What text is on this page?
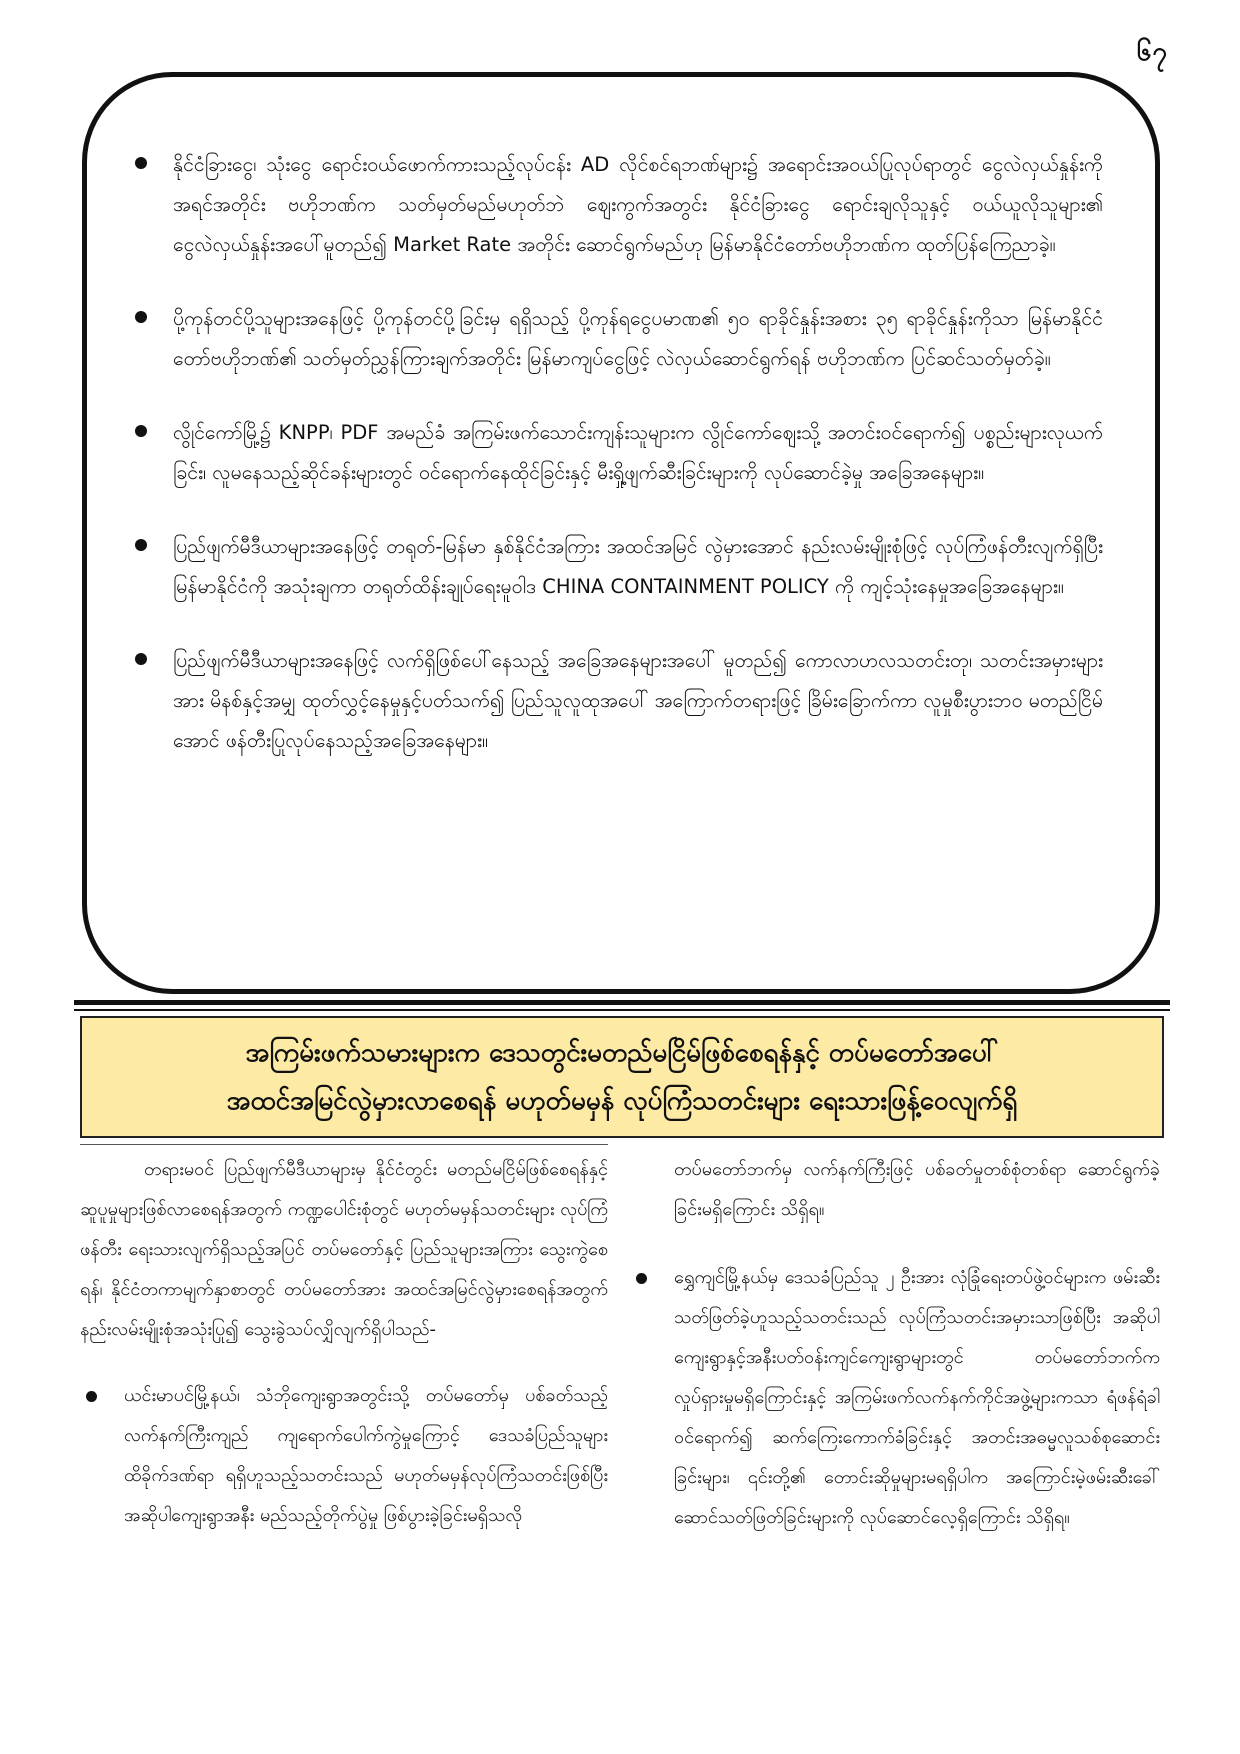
၆၇
နိုင်ငံခြားငွေ၊ သုံးငွေ ရောင်းဝယ်ဖောက်ကားသည့်လုပ်ငန်း AD လိုင်စင်ရဘဏ်များ၌ အရောင်းအဝယ်ပြုလုပ်ရာတွင် ငွေလဲလှယ်နှုန်းကို အရင်အတိုင်း ဗဟိုဘဏ်က သတ်မှတ်မည်မဟုတ်ဘဲ ဈေးကွက်အတွင်း နိုင်ငံခြားငွေ ရောင်းချလိုသူနှင့် ဝယ်ယူလိုသူများ၏ ငွေလဲလှယ်နှုန်းအပေါ်မူတည်၍ Market Rate အတိုင်း ဆောင်ရွက်မည်ဟု မြန်မာနိုင်ငံတော်ဗဟိုဘဏ်က ထုတ်ပြန်ကြေညာခဲ့။
ပို့ကုန်တင်ပို့သူများအနေဖြင့် ပို့ကုန်တင်ပို့ခြင်းမှ ရရှိသည့် ပို့ကုန်ရငွေပမာဏ၏ ၅၀ ရာခိုင်နှုန်းအစား ၃၅ ရာခိုင်နှုန်းကိုသာ မြန်မာနိုင်ငံတော်ဗဟိုဘဏ်၏ သတ်မှတ်ညွှန်ကြားချက်အတိုင်း မြန်မာကျပ်ငွေဖြင့် လဲလှယ်ဆောင်ရွက်ရန် ဗဟိုဘဏ်က ပြင်ဆင်သတ်မှတ်ခဲ့။
လွိုင်ကော်မြို့၌ KNPP၊ PDF အမည်ခံ အကြမ်းဖက်သောင်းကျန်းသူများက လွိုင်ကော်ဈေးသို့ အတင်းဝင်ရောက်၍ ပစ္စည်းများလုယက်ခြင်း၊ လူမနေသည့်ဆိုင်ခန်းများတွင် ဝင်ရောက်နေထိုင်ခြင်းနှင့် မီးရှို့ဖျက်ဆီးခြင်းများကို လုပ်ဆောင်ခဲ့မှု အခြေအနေများ။
ပြည်ဖျက်မီဒီယာများအနေဖြင့် တရုတ်-မြန်မာ နှစ်နိုင်ငံအကြား အထင်အမြင် လွဲမှားအောင် နည်းလမ်းမျိုးစုံဖြင့် လုပ်ကြံဖန်တီးလျက်ရှိပြီး မြန်မာနိုင်ငံကို အသုံးချကာ တရုတ်ထိန်းချုပ်ရေးမူဝါဒ CHINA CONTAINMENT POLICY ကို ကျင့်သုံးနေမှုအခြေအနေများ။
ပြည်ဖျက်မီဒီယာများအနေဖြင့် လက်ရှိဖြစ်ပေါ်နေသည့် အခြေအနေများအပေါ် မူတည်၍ ကောလာဟလသတင်းတု၊ သတင်းအမှားများအား မိနစ်နှင့်အမျှ ထုတ်လွှင့်နေမှုနှင့်ပတ်သက်၍ ပြည်သူလူထုအပေါ် အကြောက်တရားဖြင့် ခြိမ်းခြောက်ကာ လူမှုစီးပွားဘဝ မတည်ငြိမ်အောင် ဖန်တီးပြုလုပ်နေသည့်အခြေအနေများ။
အကြမ်းဖက်သမားများက ဒေသတွင်းမတည်မငြိမ်ဖြစ်စေရန်နှင့် တပ်မတော်အပေါ်
အထင်အမြင်လွဲမှားလာစေရန် မဟုတ်မမှန် လုပ်ကြံသတင်းများ ရေးသားဖြန့်ဝေလျက်ရှိ

တရားမဝင် ပြည်ဖျက်မီဒီယာများမှ နိုင်ငံတွင်း မတည်မငြိမ်ဖြစ်စေရန်နှင့် ဆူပူမှုများဖြစ်လာစေရန်အတွက် ကဏ္ဍပေါင်းစုံတွင် မဟုတ်မမှန်သတင်းများ လုပ်ကြံဖန်တီး ရေးသားလျက်ရှိသည့်အပြင် တပ်မတော်နှင့် ပြည်သူများအကြား သွေးကွဲစေရန်၊ နိုင်ငံတကာမျက်နှာစာတွင် တပ်မတော်အား အထင်အမြင်လွဲမှားစေရန်အတွက် နည်းလမ်းမျိုးစုံအသုံးပြု၍ သွေးခွဲသပ်လျှိလျက်ရှိပါသည်-

ယင်းမာပင်မြို့နယ်၊ သံဘိုကျေးရွာအတွင်းသို့ တပ်မတော်မှ ပစ်ခတ်သည့် လက်နက်ကြီးကျည် ကျရောက်ပေါက်ကွဲမှုကြောင့် ဒေသခံပြည်သူများ ထိခိုက်ဒဏ်ရာ ရရှိဟူသည့်သတင်းသည် မဟုတ်မမှန်လုပ်ကြံသတင်းဖြစ်ပြီး အဆိုပါကျေးရွာအနီး မည်သည့်တိုက်ပွဲမှု ဖြစ်ပွားခဲ့ခြင်းမရှိသလို

တပ်မတော်ဘက်မှ လက်နက်ကြီးဖြင့် ပစ်ခတ်မှုတစ်စုံတစ်ရာ ဆောင်ရွက်ခဲ့ခြင်းမရှိကြောင်း သိရှိရ။

ရွှေကျင်မြို့နယ်မှ ဒေသခံပြည်သူ ၂ ဦးအား လုံခြုံရေးတပ်ဖွဲ့ဝင်များက ဖမ်းဆီးသတ်ဖြတ်ခဲ့ဟူသည့်သတင်းသည် လုပ်ကြံသတင်းအမှားသာဖြစ်ပြီး အဆိုပါကျေးရွာနှင့်အနီးပတ်ဝန်းကျင်ကျေးရွာများတွင် တပ်မတော်ဘက်က လှုပ်ရှားမှုမရှိကြောင်းနှင့် အကြမ်းဖက်လက်နက်ကိုင်အဖွဲ့များကသာ ရံဖန်ရံခါဝင်ရောက်၍ ဆက်ကြေးကောက်ခံခြင်းနှင့် အတင်းအဓမ္မလူသစ်စုဆောင်းခြင်းများ၊ ၎င်းတို့၏ တောင်းဆိုမှုများမရရှိပါက အကြောင်းမဲ့ဖမ်းဆီးခေါ်ဆောင်သတ်ဖြတ်ခြင်းများကို လုပ်ဆောင်လေ့ရှိကြောင်း သိရှိရ။
